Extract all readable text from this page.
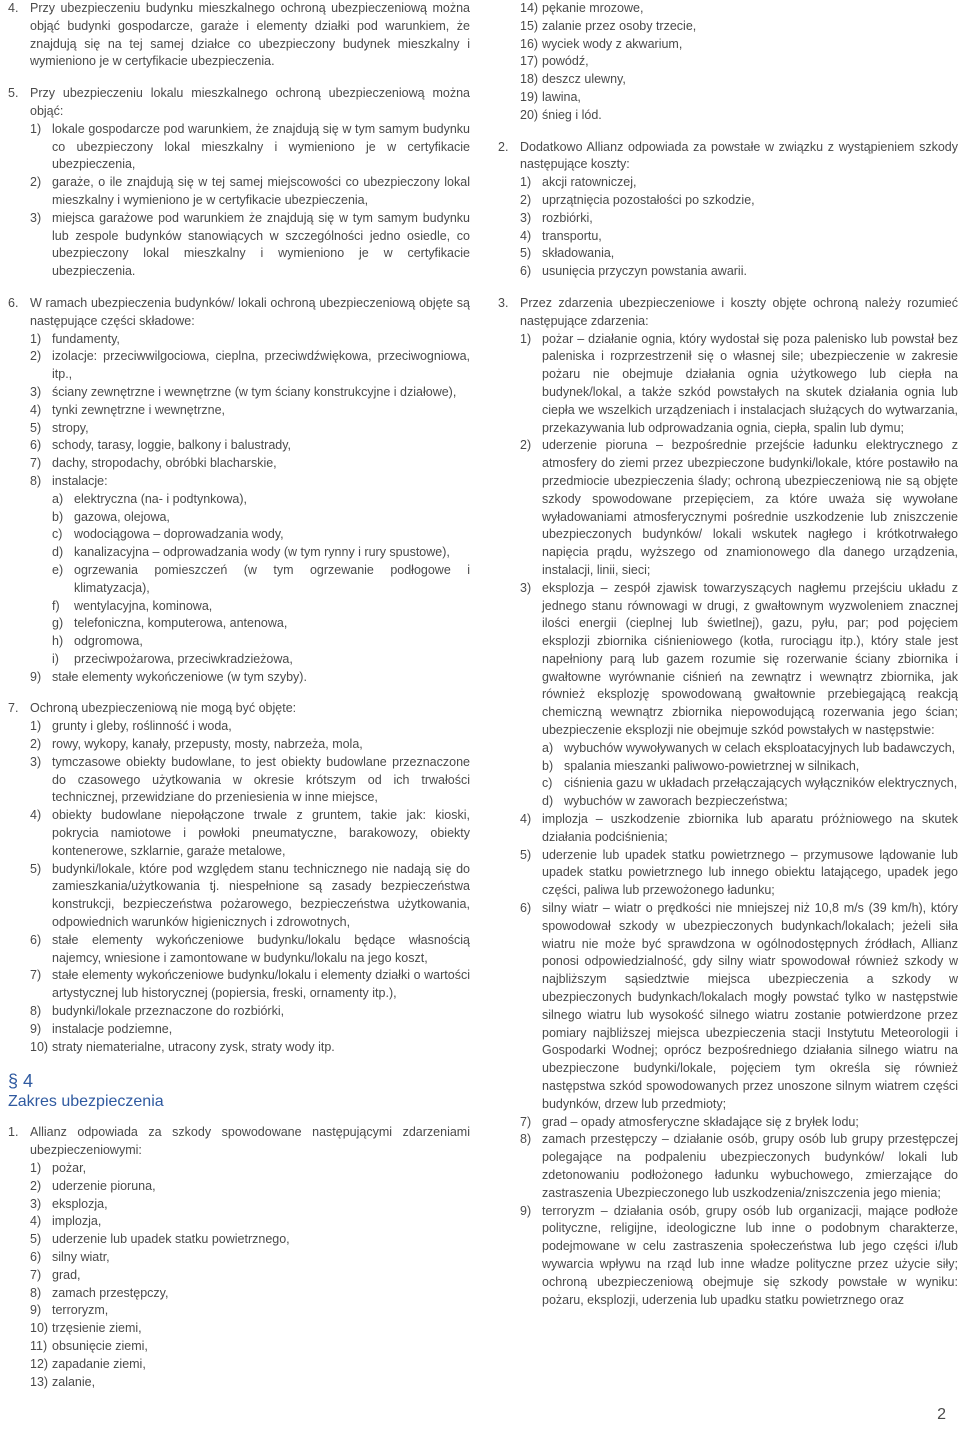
4. Przy ubezpieczeniu budynku mieszkalnego ochroną ubezpieczeniową można objąć budynki gospodarcze, garaże i elementy działki pod warunkiem, że znajdują się na tej samej działce co ubezpieczony budynek mieszkalny i wymieniono je w certyfikacie ubezpieczenia.
5. Przy ubezpieczeniu lokalu mieszkalnego ochroną ubezpieczeniową można objąć:
1) lokale gospodarcze pod warunkiem, że znajdują się w tym samym budynku co ubezpieczony lokal mieszkalny i wymieniono je w certyfikacie ubezpieczenia,
2) garaże, o ile znajdują się w tej samej miejscowości co ubezpieczony lokal mieszkalny i wymieniono je w certyfikacie ubezpieczenia,
3) miejsca garażowe pod warunkiem że znajdują się w tym samym budynku lub zespole budynków stanowiących w szczególności jedno osiedle, co ubezpieczony lokal mieszkalny i wymieniono je w certyfikacie ubezpieczenia.
6. W ramach ubezpieczenia budynków/ lokali ochroną ubezpieczeniową objęte są następujące części składowe:
1) fundamenty,
2) izolacje: przeciwwilgociowa, cieplna, przeciwdźwiękowa, przeciwogniowa, itp.,
3) ściany zewnętrzne i wewnętrzne (w tym ściany konstrukcyjne i działowe),
4) tynki zewnętrzne i wewnętrzne,
5) stropy,
6) schody, tarasy, loggie, balkony i balustrady,
7) dachy, stropodachy, obróbki blacharskie,
8) instalacje:
a) elektryczna (na- i podtynkowa),
b) gazowa, olejowa,
c) wodociągowa – doprowadzania wody,
d) kanalizacyjna – odprowadzania wody (w tym rynny i rury spustowe),
e) ogrzewania pomieszczeń (w tym ogrzewanie podłogowe i klimatyzacja),
f)	wentylacyjna, kominowa,
g) telefoniczna, komputerowa, antenowa,
h) odgromowa,
i)	przeciwpożarowa, przeciwkradzieżowa,
9) stałe elementy wykończeniowe (w tym szyby).
7. Ochroną ubezpieczeniową nie mogą być objęte:
1) grunty i gleby, roślinność i woda,
2) rowy, wykopy, kanały, przepusty, mosty, nabrzeża, mola,
3) tymczasowe obiekty budowlane, to jest obiekty budowlane przeznaczone do czasowego użytkowania w okresie krótszym od ich trwałości technicznej, przewidziane do przeniesienia w inne miejsce,
4) obiekty budowlane niepołączone trwale z gruntem, takie jak: kioski, pokrycia namiotowe i powłoki pneumatyczne, barakowozy, obiekty kontenerowe, szklarnie, garaże metalowe,
5) budynki/lokale, które pod względem stanu technicznego nie nadają się do zamieszkania/użytkowania tj. niespełnione są zasady bezpieczeństwa konstrukcji, bezpieczeństwa pożarowego, bezpieczeństwa użytkowania, odpowiednich warunków higienicznych i zdrowotnych,
6) stałe elementy wykończeniowe budynku/lokalu będące własnością najemcy, wniesione i zamontowane w budynku/lokalu na jego koszt,
7) stałe elementy wykończeniowe budynku/lokalu i elementy działki o wartości artystycznej lub historycznej (popiersia, freski, ornamenty itp.),
8) budynki/lokale przeznaczone do rozbiórki,
9) instalacje podziemne,
10) straty niematerialne, utracony zysk, straty wody itp.
§ 4
Zakres ubezpieczenia
1. Allianz odpowiada za szkody spowodowane następującymi zdarzeniami ubezpieczeniowymi:
1) pożar,
2) uderzenie pioruna,
3) eksplozja,
4) implozja,
5) uderzenie lub upadek statku powietrznego,
6) silny wiatr,
7) grad,
8) zamach przestępczy,
9) terroryzm,
10) trzęsienie ziemi,
11) obsunięcie ziemi,
12) zapadanie ziemi,
13) zalanie,
14) pękanie mrozowe,
15) zalanie przez osoby trzecie,
16) wyciek wody z akwarium,
17) powódź,
18) deszcz ulewny,
19) lawina,
20) śnieg i lód.
2. Dodatkowo Allianz odpowiada za powstałe w związku z wystąpieniem szkody następujące koszty:
1) akcji ratowniczej,
2) uprzątnięcia pozostałości po szkodzie,
3) rozbiórki,
4) transportu,
5) składowania,
6) usunięcia przyczyn powstania awarii.
3. Przez zdarzenia ubezpieczeniowe i koszty objęte ochroną należy rozumieć następujące zdarzenia:
1) pożar – działanie ognia, który wydostał się poza palenisko lub powstał bez paleniska i rozprzestrzenił się o własnej sile; ubezpieczenie w zakresie pożaru nie obejmuje działania ognia użytkowego lub ciepła na budynek/lokal, a także szkód powstałych na skutek działania ognia lub ciepła we wszelkich urządzeniach i instalacjach służących do wytwarzania, przekazywania lub odprowadzania ognia, ciepła, spalin lub dymu;
2) uderzenie pioruna – bezpośrednie przejście ładunku elektrycznego z atmosfery do ziemi przez ubezpieczone budynki/lokale, które postawiło na przedmiocie ubezpieczenia ślady; ochroną ubezpieczeniową nie są objęte szkody spowodowane przepięciem, za które uważa się wywołane wyładowaniami atmosferycznymi pośrednie uszkodzenie lub zniszczenie ubezpieczonych budynków/ lokali wskutek nagłego i krótkotrwałego napięcia prądu, wyższego od znamionowego dla danego urządzenia, instalacji, linii, sieci;
3) eksplozja – zespół zjawisk towarzyszących nagłemu przejściu układu z jednego stanu równowagi w drugi, z gwałtownym wyzwoleniem znacznej ilości energii (cieplnej lub świetlnej), gazu, pyłu, par; pod pojęciem eksplozji zbiornika ciśnieniowego (kotła, rurociągu itp.), który stale jest napełniony parą lub gazem rozumie się rozerwanie ściany zbiornika i gwałtowne wyrównanie ciśnień na zewnątrz i wewnątrz zbiornika, jak również eksplozję spowodowaną gwałtownie przebiegającą reakcją chemiczną wewnątrz zbiornika niepowodującą rozerwania jego ścian; ubezpieczenie eksplozji nie obejmuje szkód powstałych w następstwie:
a) wybuchów wywoływanych w celach eksploatacyjnych lub badawczych,
b) spalania mieszanki paliwowo-powietrznej w silnikach,
c) ciśnienia gazu w układach przełączających wyłączników elektrycznych,
d) wybuchów w zaworach bezpieczeństwa;
4) implozja – uszkodzenie zbiornika lub aparatu próżniowego na skutek działania podciśnienia;
5) uderzenie lub upadek statku powietrznego – przymusowe lądowanie lub upadek statku powietrznego lub innego obiektu latającego, upadek jego części, paliwa lub przewożonego ładunku;
6) silny wiatr – wiatr o prędkości nie mniejszej niż 10,8 m/s (39 km/h), który spowodował szkody w ubezpieczonych budynkach/lokalach; jeżeli siła wiatru nie może być sprawdzona w ogólnodostępnych źródłach, Allianz ponosi odpowiedzialność, gdy silny wiatr spowodował również szkody w najbliższym sąsiedztwie miejsca ubezpieczenia a szkody w ubezpieczonych budynkach/lokalach mogły powstać tylko w następstwie silnego wiatru lub wysokość silnego wiatru zostanie potwierdzone przez pomiary najbliższej miejsca ubezpieczenia stacji Instytutu Meteorologii i Gospodarki Wodnej; oprócz bezpośredniego działania silnego wiatru na ubezpieczone budynki/lokale, pojęciem tym określa się również następstwa szkód spowodowanych przez unoszone silnym wiatrem części budynków, drzew lub przedmioty;
7) grad – opady atmosferyczne składające się z bryłek lodu;
8) zamach przestępczy – działanie osób, grupy osób lub grupy przestępczej polegające na podpaleniu ubezpieczonych budynków/ lokali lub zdetonowaniu podłożonego ładunku wybuchowego, zmierzające do zastraszenia Ubezpieczonego lub uszkodzenia/zniszczenia jego mienia;
9) terroryzm – działania osób, grupy osób lub organizacji, mające podłoże polityczne, religijne, ideologiczne lub inne o podobnym charakterze, podejmowane w celu zastraszenia społeczeństwa lub jego części i/lub wywarcia wpływu na rząd lub inne władze polityczne przez użycie siły; ochroną ubezpieczeniową obejmuje się szkody powstałe w wyniku: pożaru, eksplozji, uderzenia lub upadku statku powietrznego oraz
2
